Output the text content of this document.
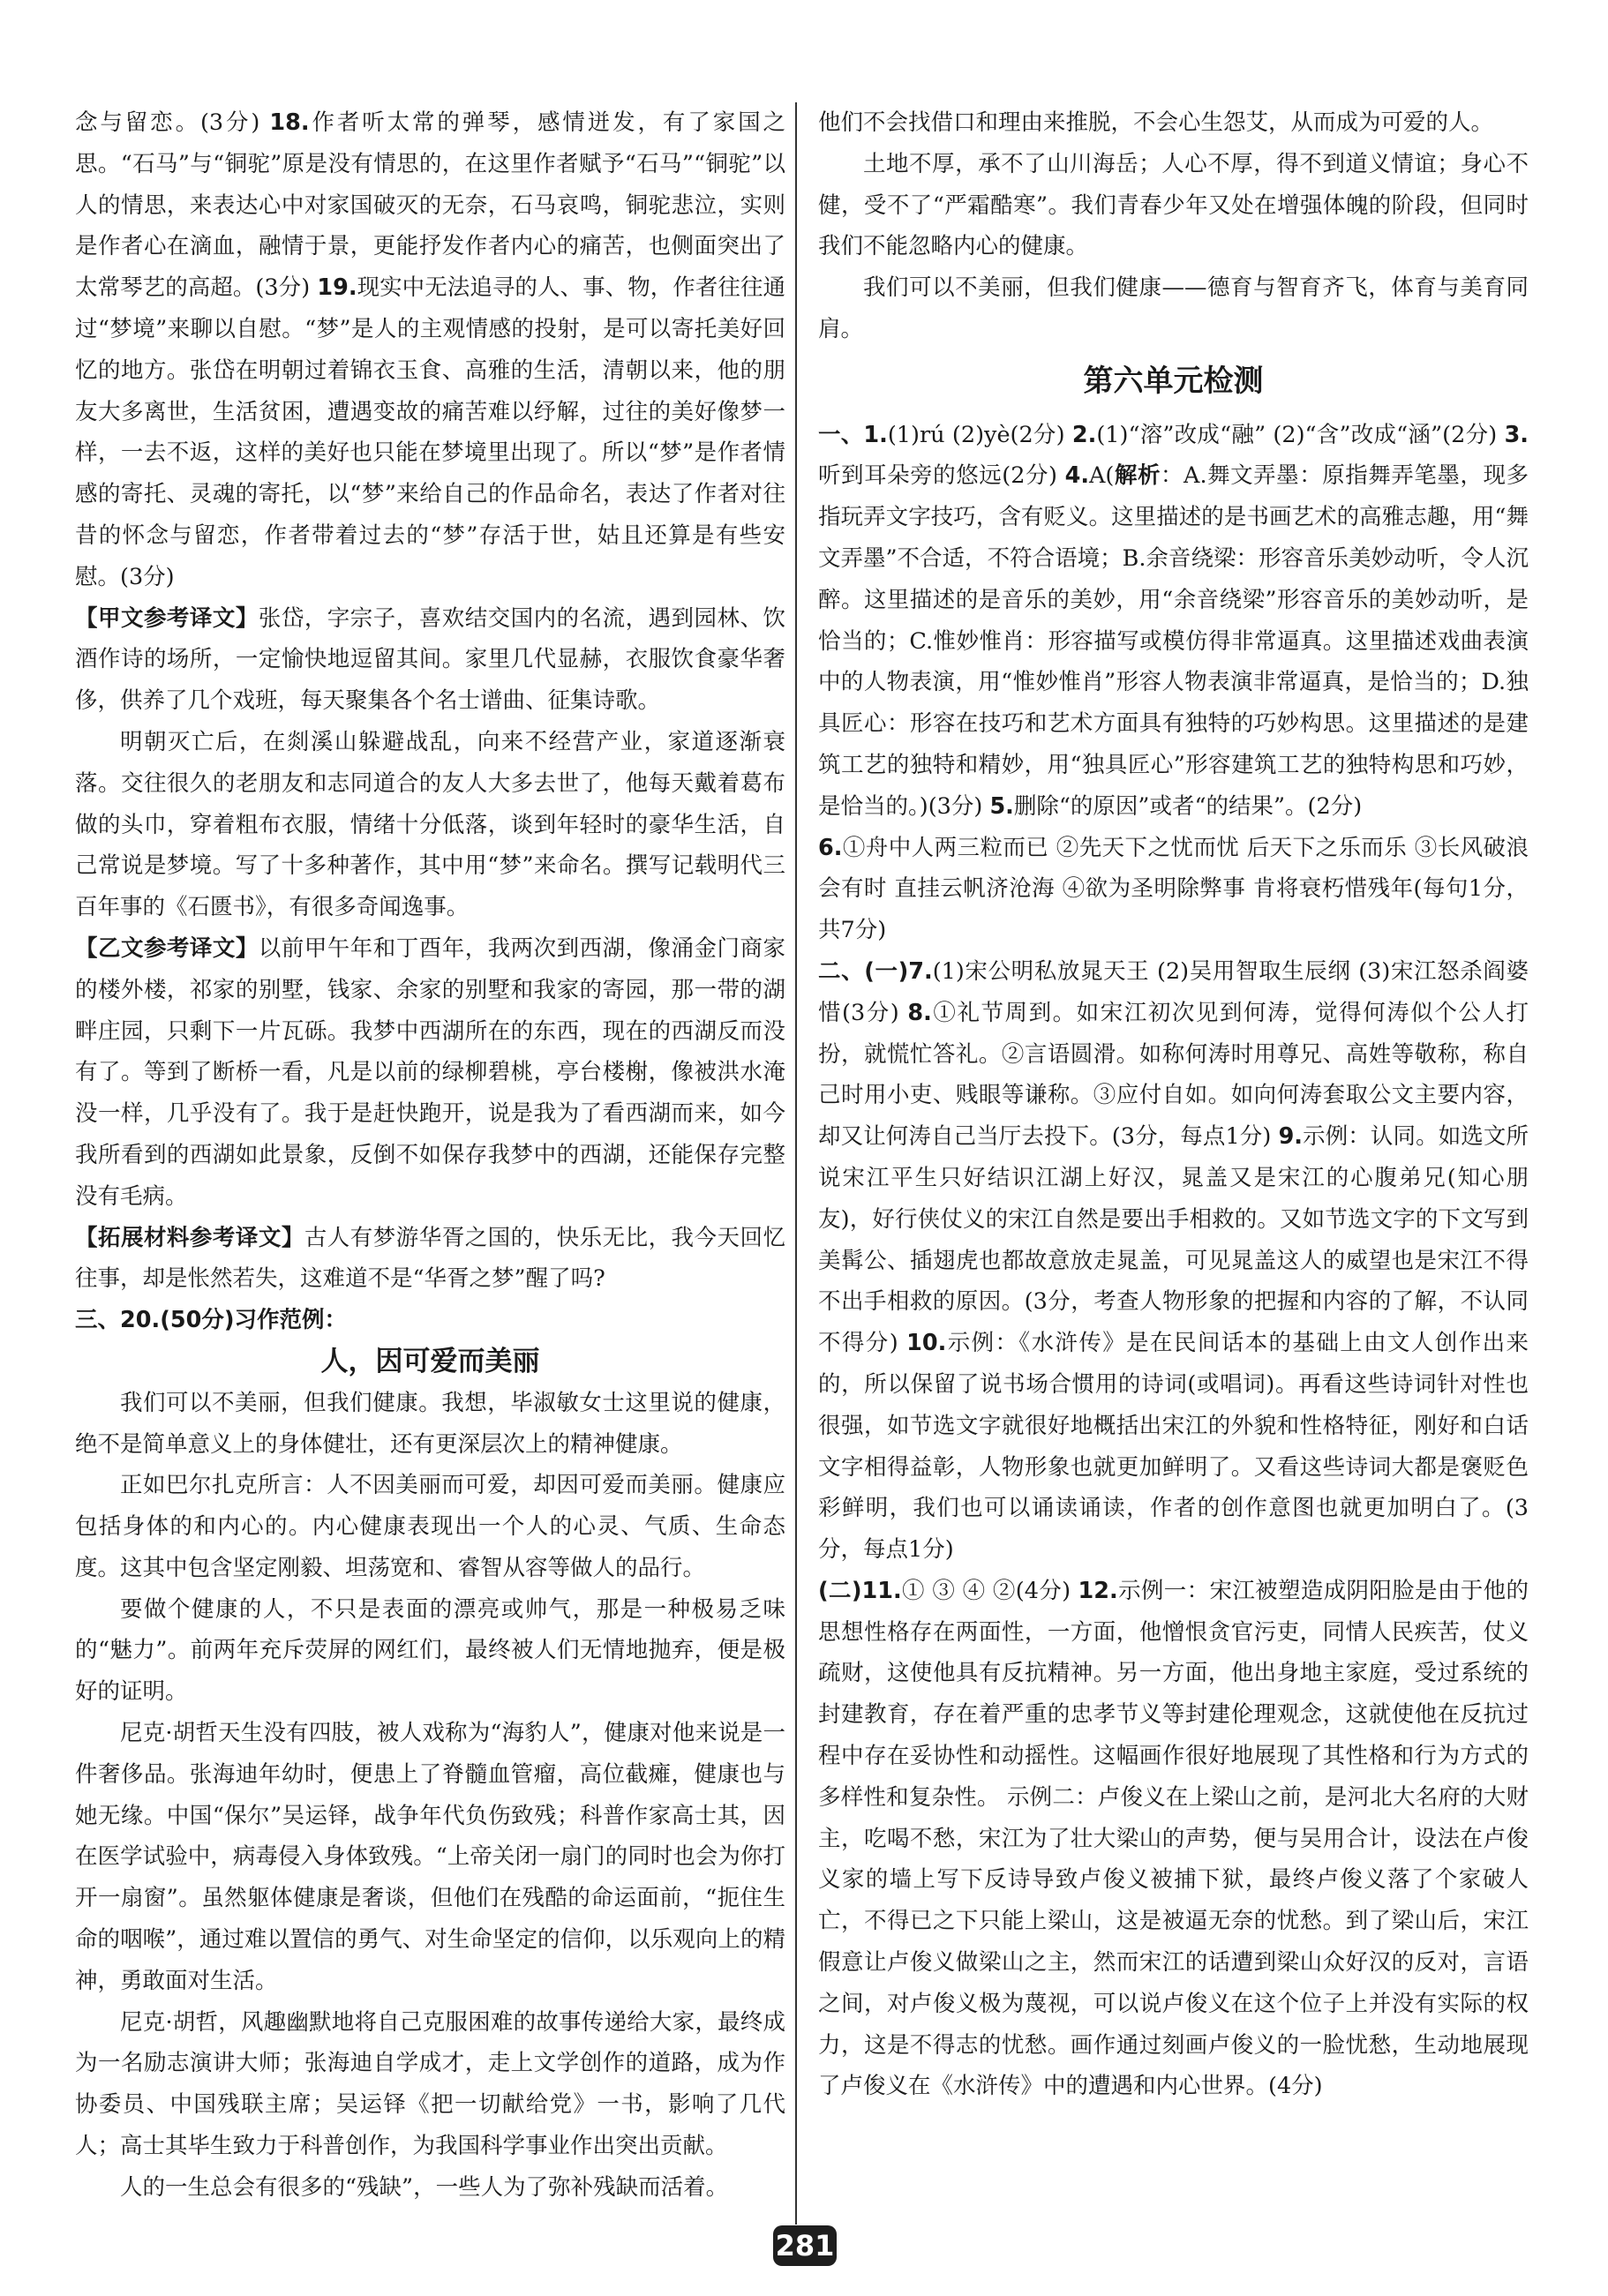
念与留恋。(3分) 18.作者听太常的弹琴，感情迸发，有了家国之思。“石马”与“铜驼”原是没有情思的，在这里作者赋予“石马”“铜驼”以人的情思，来表达心中对家国破灭的无奈，石马哀鸣，铜驼悲泣，实则是作者心在滴血，融情于景，更能抒发作者内心的痛苦，也侧面突出了太常琴艺的高超。(3分) 19.现实中无法追寻的人、事、物，作者往往通过“梦境”来聊以自慰。“梦”是人的主观情感的投射，是可以寄托美好回忆的地方。张岱在明朝过着锦衣玉食、高雅的生活，清朝以来，他的朋友大多离世，生活贫困，遭遇变故的痛苦难以纾解，过往的美好像梦一样，一去不返，这样的美好也只能在梦境里出现了。所以“梦”是作者情感的寄托、灵魂的寄托，以“梦”来给自己的作品命名，表达了作者对往昔的怀念与留恋，作者带着过去的“梦”存活于世，姑且还算是有些安慰。(3分)

【甲文参考译文】张岱，字宗子，喜欢结交国内的名流，遇到园林、饮酒作诗的场所，一定愉快地逗留其间。家里几代显赫，衣服饮食豪华奢侈，供养了几个戏班，每天聚集各个名士谱曲、征集诗歌。

明朝灭亡后，在剡溪山躲避战乱，向来不经营产业，家道逐渐衰落。交往很久的老朋友和志同道合的友人大多去世了，他每天戴着葛布做的头巾，穿着粗布衣服，情绪十分低落，谈到年轻时的豪华生活，自己常说是梦境。写了十多种著作，其中用“梦”来命名。撰写记载明代三百年事的《石匮书》，有很多奇闻逸事。

【乙文参考译文】以前甲午年和丁酉年，我两次到西湖，像涌金门商家的楼外楼，祁家的别墅，钱家、余家的别墅和我家的寄园，那一带的湖畔庄园，只剩下一片瓦砾。我梦中西湖所在的东西，现在的西湖反而没有了。等到了断桥一看，凡是以前的绿柳碧桃，亭台楼榭，像被洪水淹没一样，几乎没有了。我于是赶快跑开，说是我为了看西湖而来，如今我所看到的西湖如此景象，反倒不如保存我梦中的西湖，还能保存完整没有毛病。

【拓展材料参考译文】古人有梦游华胥之国的，快乐无比，我今天回忆往事，却是怅然若失，这难道不是“华胥之梦”醒了吗?

三、20.(50分)习作范例：

人，因可爱而美丽

我们可以不美丽，但我们健康。我想，毕淑敏女士这里说的健康，绝不是简单意义上的身体健壮，还有更深层次上的精神健康。

正如巴尔扎克所言：人不因美丽而可爱，却因可爱而美丽。健康应包括身体的和内心的。内心健康表现出一个人的心灵、气质、生命态度。这其中包含坚定刚毅、坦荡宽和、睿智从容等做人的品行。

要做个健康的人，不只是表面的漂亮或帅气，那是一种极易乏味的“魅力”。前两年充斥荧屏的网红们，最终被人们无情地抛弃，便是极好的证明。

尼克·胡哲天生没有四肢，被人戏称为“海豹人”，健康对他来说是一件奢侈品。张海迪年幼时，便患上了脊髓血管瘤，高位截瘫，健康也与她无缘。中国“保尔”吴运铎，战争年代负伤致残；科普作家高士其，因在医学试验中，病毒侵入身体致残。“上帝关闭一扇门的同时也会为你打开一扇窗”。虽然躯体健康是奢谈，但他们在残酷的命运面前，“扼住生命的咽喉”，通过难以置信的勇气、对生命坚定的信仰，以乐观向上的精神，勇敢面对生活。

尼克·胡哲，风趣幽默地将自己克服困难的故事传递给大家，最终成为一名励志演讲大师；张海迪自学成才，走上文学创作的道路，成为作协委员、中国残联主席；吴运铎《把一切献给党》一书，影响了几代人；高士其毕生致力于科普创作，为我国科学事业作出突出贡献。

人的一生总会有很多的“残缺”，一些人为了弥补残缺而活着。

他们不会找借口和理由来推脱，不会心生怨艾，从而成为可爱的人。

土地不厚，承不了山川海岳；人心不厚，得不到道义情谊；身心不健，受不了“严霜酷寒”。我们青春少年又处在增强体魄的阶段，但同时我们不能忽略内心的健康。

我们可以不美丽，但我们健康——德育与智育齐飞，体育与美育同肩。

第六单元检测

一、1.(1)rú (2)yè(2分) 2.(1)“溶”改成“融” (2)“含”改成“涵”(2分) 3.听到耳朵旁的悠远(2分) 4.A(解析：A.舞文弄墨：原指舞弄笔墨，现多指玩弄文字技巧，含有贬义。这里描述的是书画艺术的高雅志趣，用“舞文弄墨”不合适，不符合语境；B.余音绕梁：形容音乐美妙动听，令人沉醉。这里描述的是音乐的美妙，用“余音绕梁”形容音乐的美妙动听，是恰当的；C.惟妙惟肖：形容描写或模仿得非常逼真。这里描述戏曲表演中的人物表演，用“惟妙惟肖”形容人物表演非常逼真，是恰当的；D.独具匠心：形容在技巧和艺术方面具有独特的巧妙构思。这里描述的是建筑工艺的独特和精妙，用“独具匠心”形容建筑工艺的独特构思和巧妙，是恰当的。)(3分) 5.删除“的原因”或者“的结果”。(2分)

6.①舟中人两三粒而已 ②先天下之忧而忧 后天下之乐而乐 ③长风破浪会有时 直挂云帆济沧海 ④欲为圣明除弊事 肯将衰朽惜残年(每句1分，共7分)

二、(一)7.(1)宋公明私放晁天王 (2)吴用智取生辰纲 (3)宋江怒杀阎婆惜(3分) 8.①礼节周到。如宋江初次见到何涛，觉得何涛似个公人打扮，就慌忙答礼。②言语圆滑。如称何涛时用尊兄、高姓等敬称，称自己时用小吏、贱眼等谦称。③应付自如。如向何涛套取公文主要内容，却又让何涛自己当厅去投下。(3分，每点1分) 9.示例：认同。如选文所说宋江平生只好结识江湖上好汉，晁盖又是宋江的心腹弟兄(知心朋友)，好行侠仗义的宋江自然是要出手相救的。又如节选文字的下文写到美髯公、插翅虎也都故意放走晁盖，可见晁盖这人的威望也是宋江不得不出手相救的原因。(3分，考查人物形象的把握和内容的了解，不认同不得分) 10.示例：《水浒传》是在民间话本的基础上由文人创作出来的，所以保留了说书场合惯用的诗词(或唱词)。再看这些诗词针对性也很强，如节选文字就很好地概括出宋江的外貌和性格特征，刚好和白话文字相得益彰，人物形象也就更加鲜明了。又看这些诗词大都是褒贬色彩鲜明，我们也可以诵读诵读，作者的创作意图也就更加明白了。(3分，每点1分)

(二)11.① ③ ④ ②(4分) 12.示例一：宋江被塑造成阴阳脸是由于他的思想性格存在两面性，一方面，他憎恨贪官污吏，同情人民疾苦，仗义疏财，这使他具有反抗精神。另一方面，他出身地主家庭，受过系统的封建教育，存在着严重的忠孝节义等封建伦理观念，这就使他在反抗过程中存在妥协性和动摇性。这幅画作很好地展现了其性格和行为方式的多样性和复杂性。 示例二：卢俊义在上梁山之前，是河北大名府的大财主，吃喝不愁，宋江为了壮大梁山的声势，便与吴用合计，设法在卢俊义家的墙上写下反诗导致卢俊义被捕下狱，最终卢俊义落了个家破人亡，不得已之下只能上梁山，这是被逼无奈的忧愁。到了梁山后，宋江假意让卢俊义做梁山之主，然而宋江的话遭到梁山众好汉的反对，言语之间，对卢俊义极为蔑视，可以说卢俊义在这个位子上并没有实际的权力，这是不得志的忧愁。画作通过刻画卢俊义的一脸忧愁，生动地展现了卢俊义在《水浒传》中的遭遇和内心世界。(4分)

281
